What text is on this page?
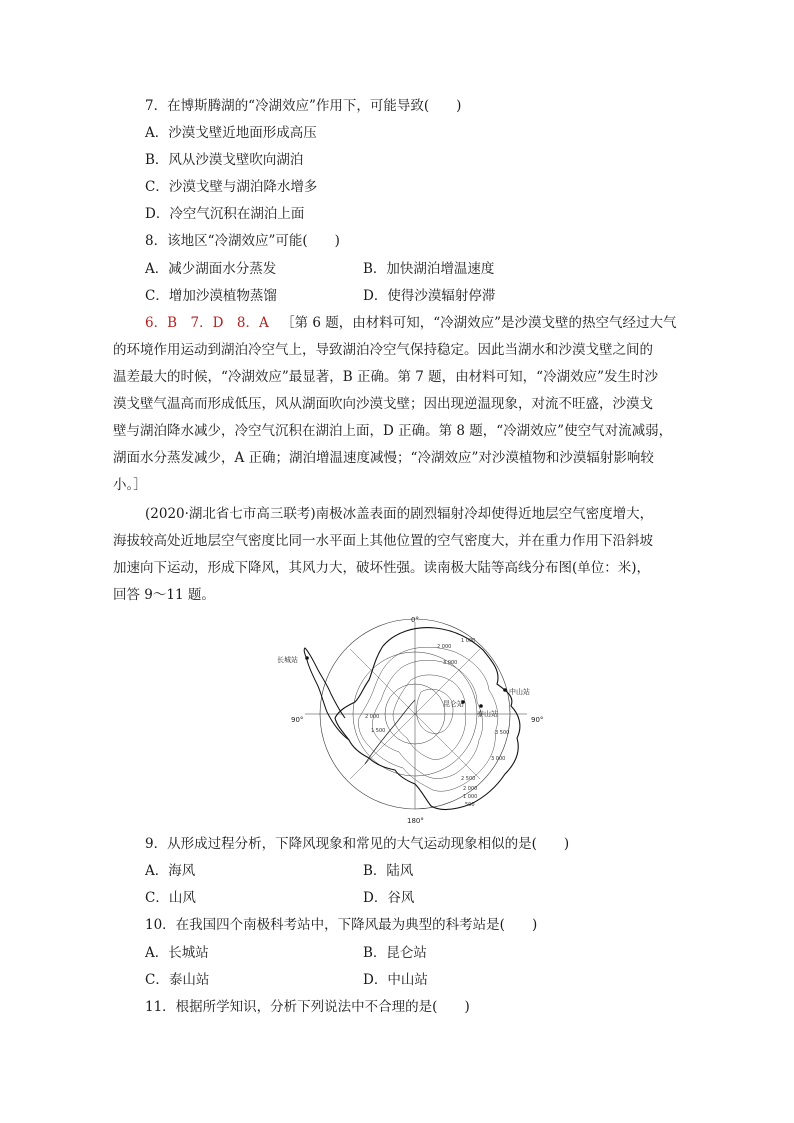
7．在博斯腾湖的“冷湖效应”作用下，可能导致(　　)
A．沙漠戈壁近地面形成高压
B．风从沙漠戈壁吹向湖泊
C．沙漠戈壁与湖泊降水增多
D．冷空气沉积在湖泊上面
8．该地区“冷湖效应”可能(　　)
A．减少湖面水分蒸发	B．加快湖泊增温速度
C．增加沙漠植物蒸馏	D．使得沙漠辐射停滞
6．B　7．D　8．A ［第 6 题，由材料可知，“冷湖效应”是沙漠戈壁的热空气经过大气
的环境作用运动到湖泊冷空气上，导致湖泊冷空气保持稳定。因此当湖水和沙漠戈壁之间的
温差最大的时候，“冷湖效应”最显著，B 正确。第 7 题，由材料可知，“冷湖效应”发生时沙
漠戈壁气温高而形成低压，风从湖面吹向沙漠戈壁；因出现逆温现象，对流不旺盛，沙漠戈
壁与湖泊降水减少，冷空气沉积在湖泊上面，D 正确。第 8 题，“冷湖效应”使空气对流减弱，
湖面水分蒸发减少，A 正确；湖泊增温速度减慢；“冷湖效应”对沙漠植物和沙漠辐射影响较
小。］
(2020·湖北省七市高三联考)南极冰盖表面的剧烈辐射冷却使得近地层空气密度增大，
海拔较高处近地层空气密度比同一水平面上其他位置的空气密度大，并在重力作用下沿斜坡
加速向下运动，形成下降风，其风力大，破坏性强。读南极大陆等高线分布图(单位：米)，
回答 9～11 题。
0°
180°
90°	90°
长城站
中山站
昆仑站
泰山站
2 000
1 000
3 000
3 500
2 000
1 500
3 000
2 500
2 000
1 000
500
9．从形成过程分析，下降风现象和常见的大气运动现象相似的是(　　)
A．海风	B．陆风
C．山风	D．谷风
10．在我国四个南极科考站中，下降风最为典型的科考站是(　　)
A．长城站	B．昆仑站
C．泰山站	D．中山站
11．根据所学知识，分析下列说法中不合理的是(　　)
